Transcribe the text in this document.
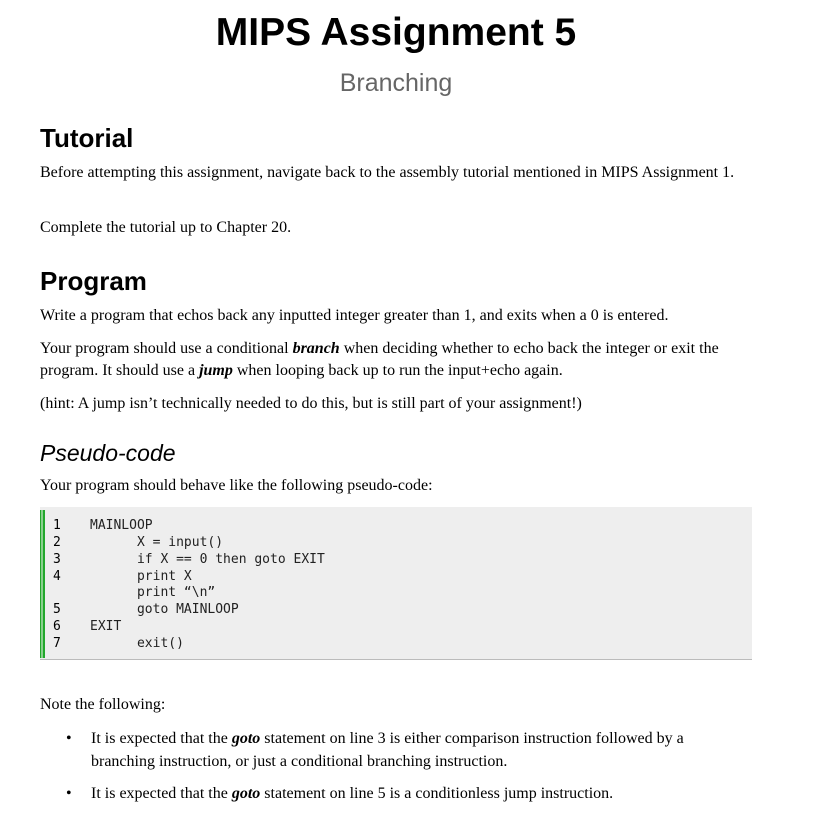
MIPS Assignment 5
Branching
Tutorial

Before attempting this assignment, navigate back to the assembly tutorial mentioned in MIPS Assignment 1.

Complete the tutorial up to Chapter 20.

Program

Write a program that echos back any inputted integer greater than 1, and exits when a 0 is entered.

Your program should use a conditional branch when deciding whether to echo back the integer or exit the program. It should use a jump when looping back up to run the input+echo again.

(hint: A jump isn’t technically needed to do this, but is still part of your assignment!)

Pseudo-code

Your program should behave like the following pseudo-code:

1
2
3
4
5
6
7
MAINLOOP
X = input()
if X == 0 then goto EXIT
print X
print “\n”
goto MAINLOOP
EXIT
exit()

Note the following:

• It is expected that the goto statement on line 3 is either comparison instruction followed by a branching instruction, or just a conditional branching instruction.
• It is expected that the goto statement on line 5 is a conditionless jump instruction.
